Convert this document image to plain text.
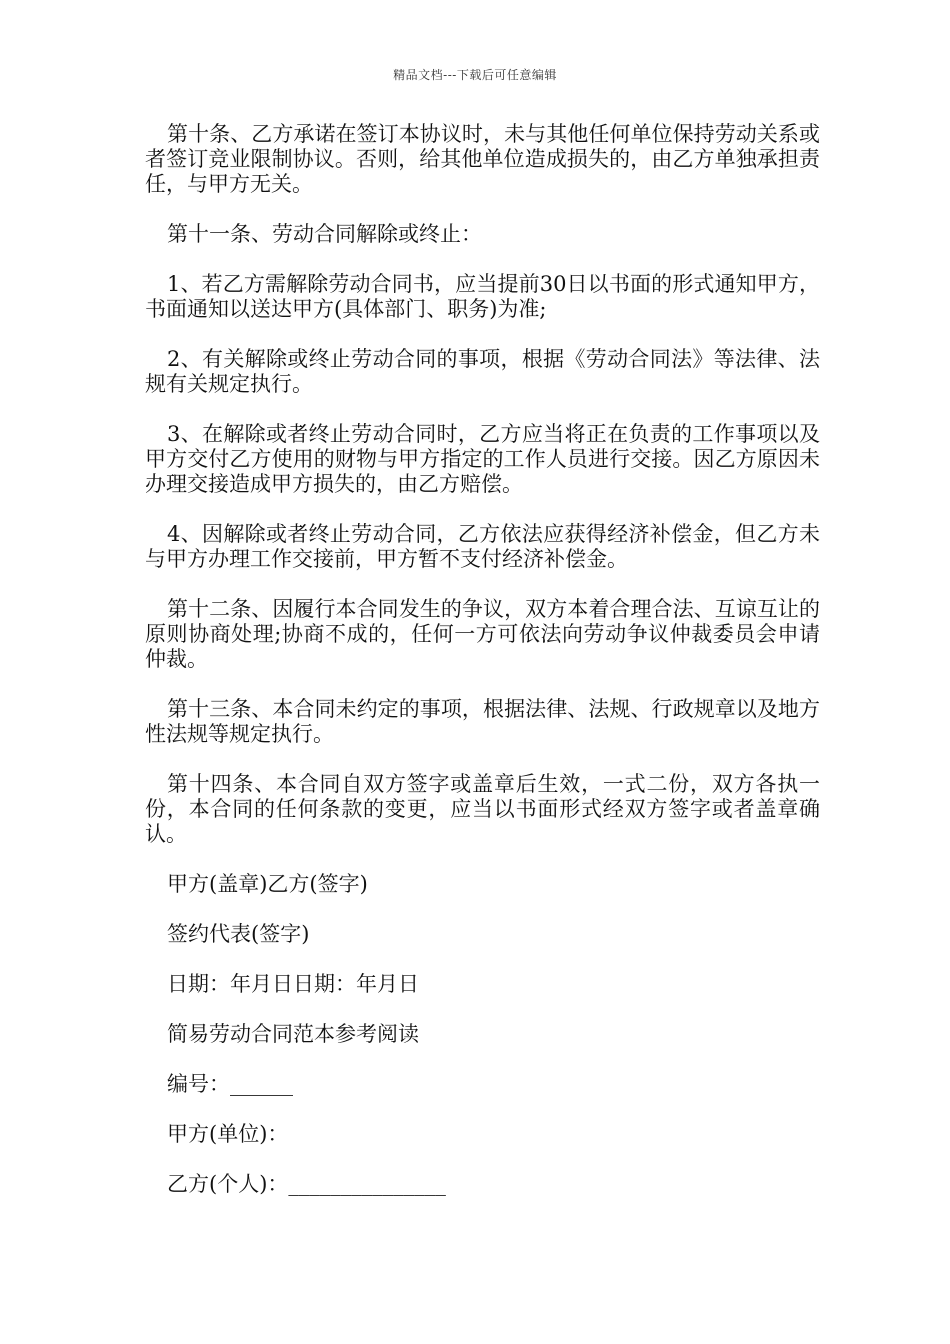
精品文档---下载后可任意编辑

第十条、乙方承诺在签订本协议时，未与其他任何单位保持劳动关系或者签订竞业限制协议。否则，给其他单位造成损失的，由乙方单独承担责任，与甲方无关。

第十一条、劳动合同解除或终止：

1、若乙方需解除劳动合同书，应当提前30日以书面的形式通知甲方，书面通知以送达甲方(具体部门、职务)为准;

2、有关解除或终止劳动合同的事项，根据《劳动合同法》等法律、法规有关规定执行。

3、在解除或者终止劳动合同时，乙方应当将正在负责的工作事项以及甲方交付乙方使用的财物与甲方指定的工作人员进行交接。因乙方原因未办理交接造成甲方损失的，由乙方赔偿。

4、因解除或者终止劳动合同，乙方依法应获得经济补偿金，但乙方未与甲方办理工作交接前，甲方暂不支付经济补偿金。

第十二条、因履行本合同发生的争议，双方本着合理合法、互谅互让的原则协商处理;协商不成的，任何一方可依法向劳动争议仲裁委员会申请仲裁。

第十三条、本合同未约定的事项，根据法律、法规、行政规章以及地方性法规等规定执行。

第十四条、本合同自双方签字或盖章后生效，一式二份，双方各执一份，本合同的任何条款的变更，应当以书面形式经双方签字或者盖章确认。

甲方(盖章)乙方(签字)
签约代表(签字)
日期：年月日日期：年月日
简易劳动合同范本参考阅读
编号：______
甲方(单位)：
乙方(个人)：_______________
